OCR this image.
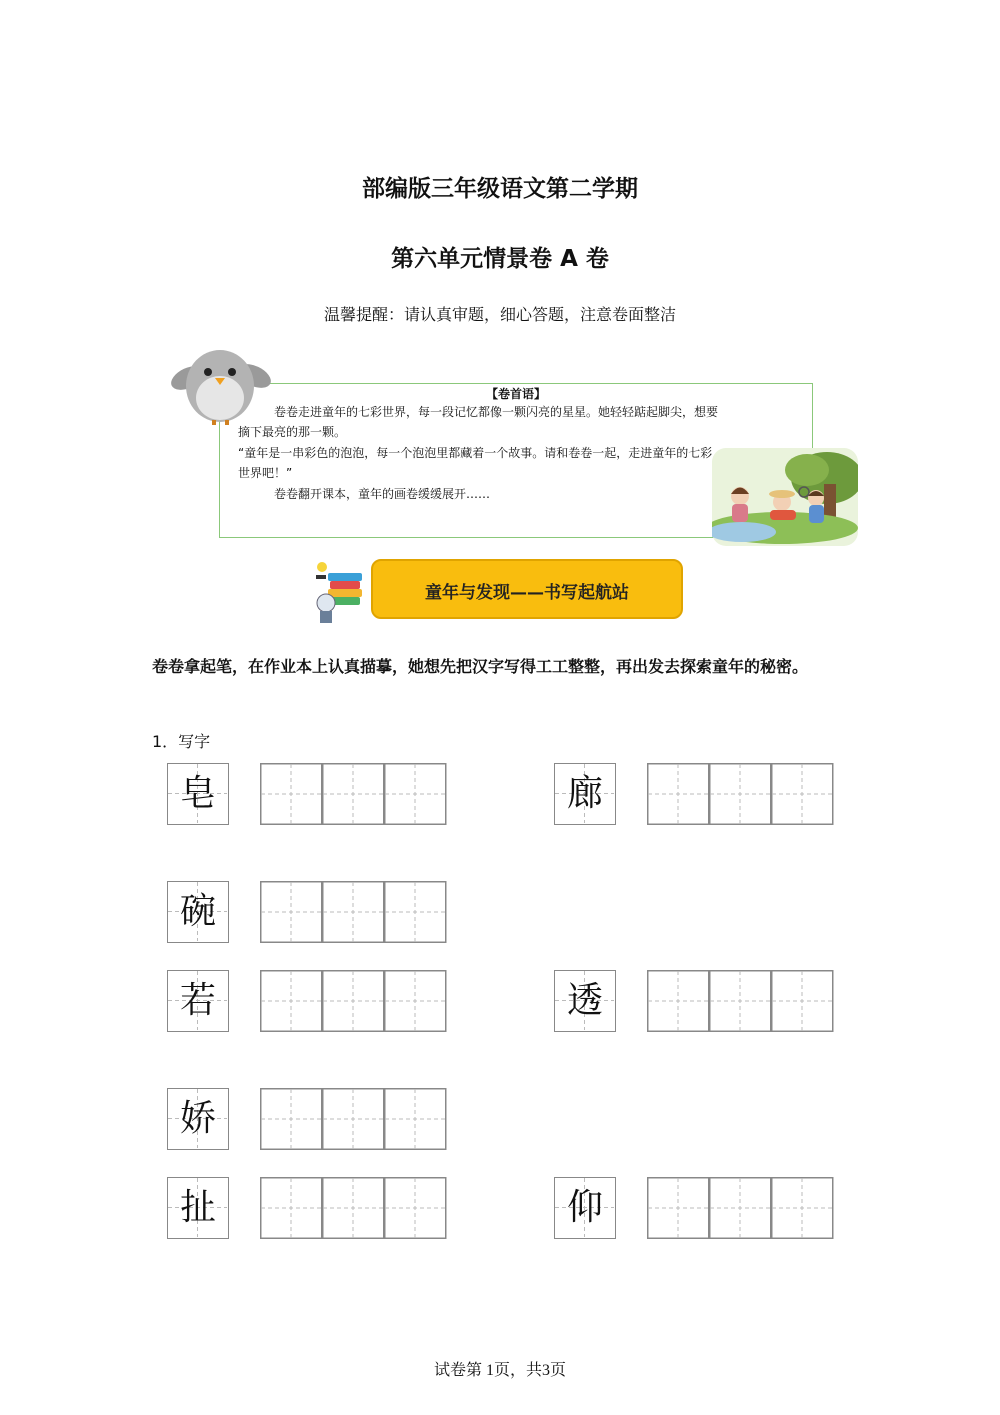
部编版三年级语文第二学期
第六单元情景卷 A 卷
温馨提醒：请认真审题，细心答题，注意卷面整洁
【卷首语】
卷卷走进童年的七彩世界，每一段记忆都像一颗闪亮的星星。她轻轻踮起脚尖，想要
摘下最亮的那一颗。
“童年是一串彩色的泡泡，每一个泡泡里都藏着一个故事。请和卷卷一起，走进童年的七彩
世界吧！”
卷卷翻开课本，童年的画卷缓缓展开……
童年与发现——书写起航站
卷卷拿起笔，在作业本上认真描摹，她想先把汉字写得工工整整，再出发去探索童年的秘密。
1．写字
皂	廊
碗
若	透
娇
扯	仰
试卷第 1页，共3页
